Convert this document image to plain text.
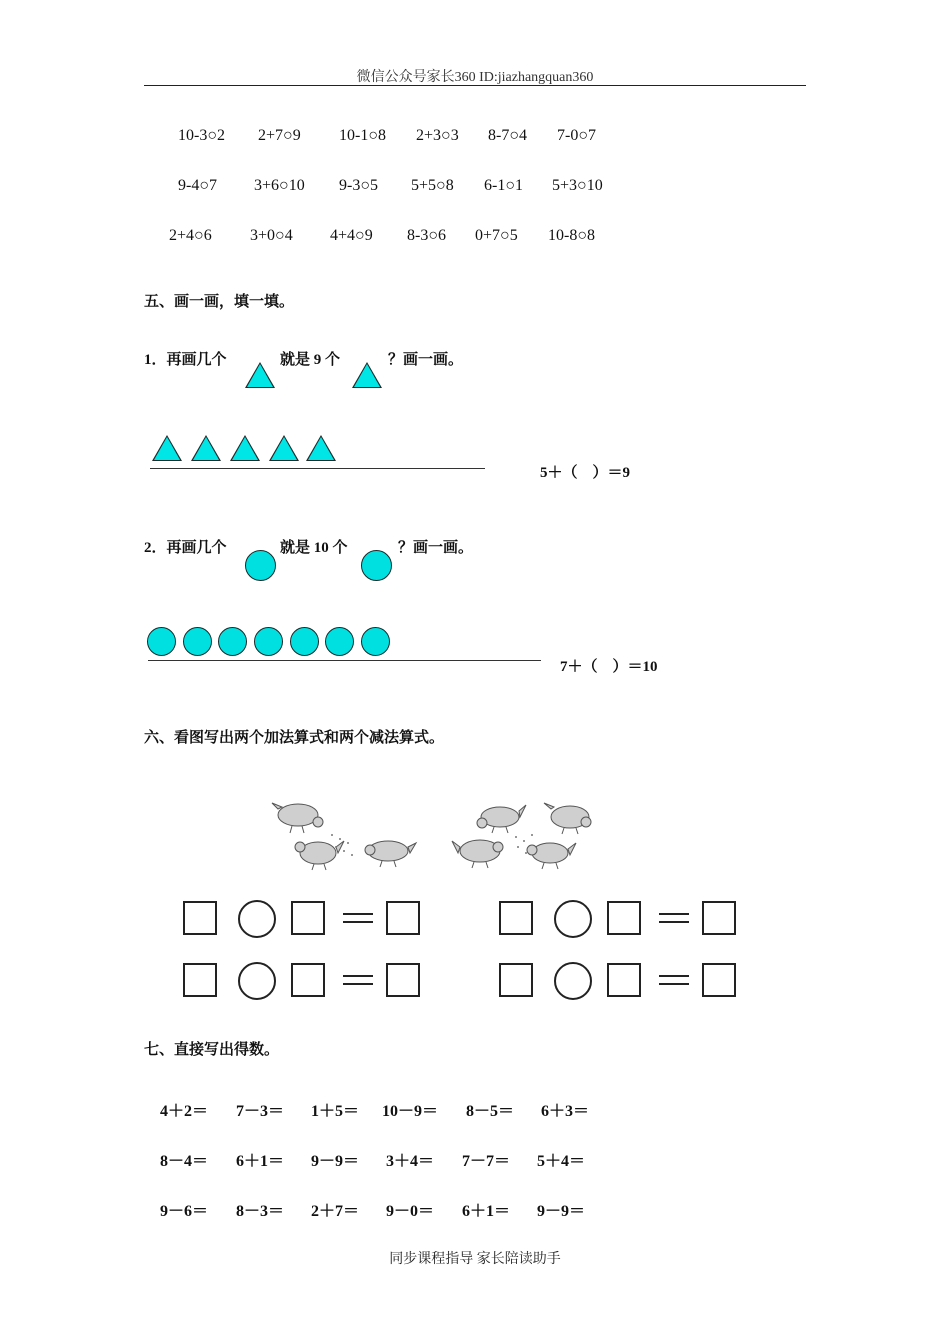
微信公众号家长360 ID:jiazhangquan360
10-3○2 2+7○9 10-1○8 2+3○3 8-7○4 7-0○7
9-4○7 3+6○10 9-3○5 5+5○8 6-1○1 5+3○10
2+4○6 3+0○4 4+4○9 8-3○6 0+7○5 10-8○8
五、画一画，填一填。
1．再画几个	就是 9 个	？画一画。
5＋（　）＝9
2．再画几个	就是 10 个	？画一画。
7＋（　）＝10
六、看图写出两个加法算式和两个减法算式。
七、直接写出得数。
4＋2＝ 7－3＝ 1＋5＝ 10－9＝ 8－5＝ 6＋3＝
8－4＝ 6＋1＝ 9－9＝ 3＋4＝ 7－7＝ 5＋4＝
9－6＝ 8－3＝ 2＋7＝ 9－0＝ 6＋1＝ 9－9＝
同步课程指导 家长陪读助手
